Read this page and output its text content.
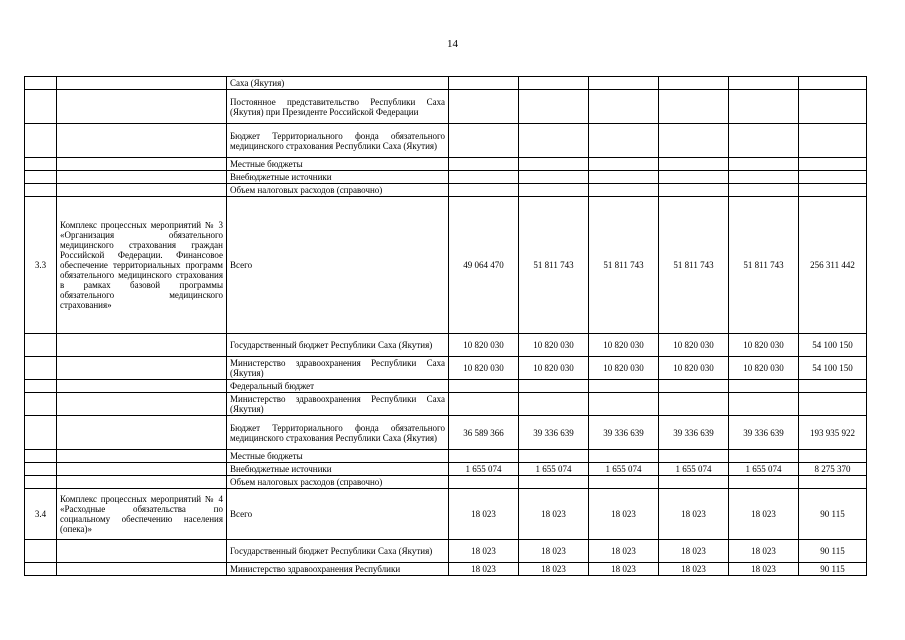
14
		Саха (Якутия)						
		Постоянное представительство Республики Саха (Якутия) при Президенте Российской Федерации						
		Бюджет Территориального фонда обязательного медицинского страхования Республики Саха (Якутия)						
		Местные бюджеты						
		Внебюджетные источники						
		Объем налоговых расходов (справочно)						
3.3	Комплекс процессных мероприятий № 3 «Организация обязательного медицинского страхования граждан Российской Федерации. Финансовое обеспечение территориальных программ обязательного медицинского страхования в рамках базовой программы обязательного медицинского страхования»	Всего	49 064 470	51 811 743	51 811 743	51 811 743	51 811 743	256 311 442
		Государственный бюджет Республики Саха (Якутия)	10 820 030	10 820 030	10 820 030	10 820 030	10 820 030	54 100 150
		Министерство здравоохранения Республики Саха (Якутия)	10 820 030	10 820 030	10 820 030	10 820 030	10 820 030	54 100 150
		Федеральный бюджет						
		Министерство здравоохранения Республики Саха (Якутия)						
		Бюджет Территориального фонда обязательного медицинского страхования Республики Саха (Якутия)	36 589 366	39 336 639	39 336 639	39 336 639	39 336 639	193 935 922
		Местные бюджеты						
		Внебюджетные источники	1 655 074	1 655 074	1 655 074	1 655 074	1 655 074	8 275 370
		Объем налоговых расходов (справочно)						
3.4	Комплекс процессных мероприятий № 4 «Расходные обязательства по социальному обеспечению населения (опека)»	Всего	18 023	18 023	18 023	18 023	18 023	90 115
		Государственный бюджет Республики Саха (Якутия)	18 023	18 023	18 023	18 023	18 023	90 115
		Министерство здравоохранения Республики	18 023	18 023	18 023	18 023	18 023	90 115
